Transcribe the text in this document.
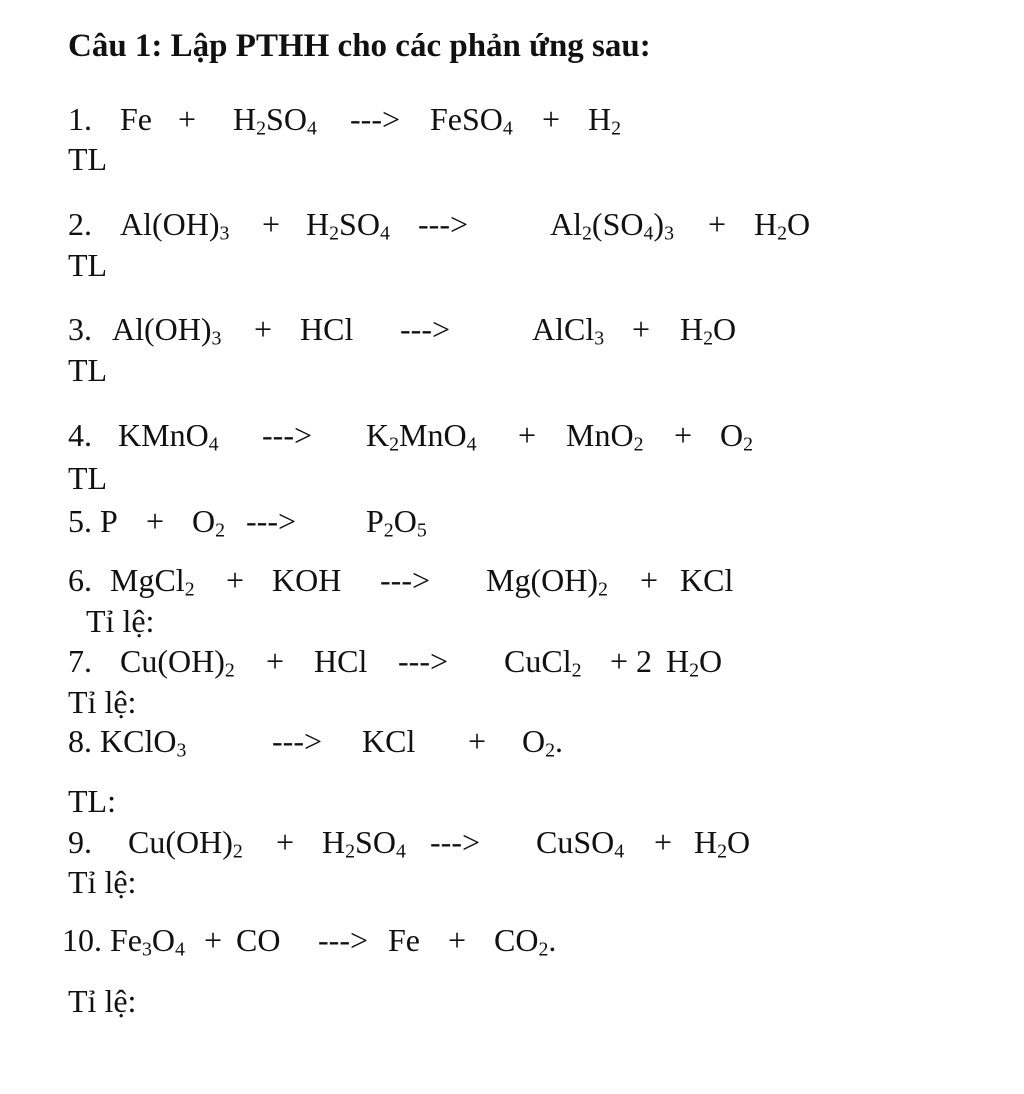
Câu 1: Lập PTHH cho các phản ứng sau:
1. $Fe + H_2SO_4$ ---> FeSO$_4$ + $H_2$
TL
2. $Al(OH)_3 + H_2SO_4$ --->	$Al_2(SO_4)_3 + H_2O$
TL
3. $Al(OH)_3$ + HCl --->	AlCl$_3$ + $H_2O$
TL
4. KMnO$_4$ ---> $K_2MnO_4 + MnO_2 + O_2$
TL
5. $P + O_2$ ---> $P_2O_5$
6. MgCl$_2$ + KOH ---> $Mg(OH)_2$ + KCl
Tỉ lệ:
7. $Cu(OH)_2$ + HCl ---> CuCl$_2$ + 2 $H_2O$
Tỉ lệ:
8. KClO$_3$	---> KCl + $O_2$.
TL:
9. $Cu(OH)_2 + H_2SO_4$ ---> CuSO$_4$ + $H_2O$
Tỉ lệ:
10. $Fe_3O_4$ + CO ---> $Fe + CO_2$.
Tỉ lệ:
